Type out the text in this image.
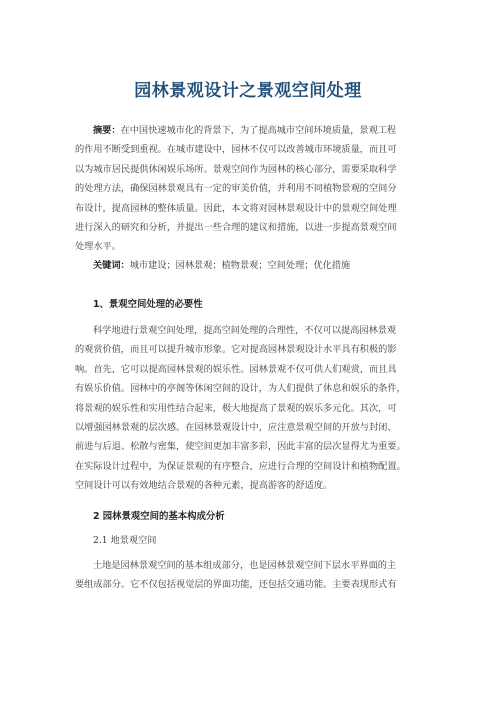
园林景观设计之景观空间处理
摘要：在中国快速城市化的背景下，为了提高城市空间环境质量，景观工程
的作用不断受到重视。在城市建设中，园林不仅可以改善城市环境质量，而且可
以为城市居民提供休闲娱乐场所。景观空间作为园林的核心部分，需要采取科学
的处理方法，确保园林景观具有一定的审美价值，并利用不同植物景观的空间分
布设计，提高园林的整体质量。因此，本文将对园林景观设计中的景观空间处理
进行深入的研究和分析，并提出一些合理的建议和措施，以进一步提高景观空间
处理水平。
关键词：城市建设；园林景观；植物景观；空间处理；优化措施
1、景观空间处理的必要性
科学地进行景观空间处理，提高空间处理的合理性，不仅可以提高园林景观
的观赏价值，而且可以提升城市形象。它对提高园林景观设计水平具有积极的影
响。首先，它可以提高园林景观的娱乐性。园林景观不仅可供人们观赏，而且具
有娱乐价值。园林中的亭阁等休闲空间的设计，为人们提供了休息和娱乐的条件，
将景观的娱乐性和实用性结合起来，极大地提高了景观的娱乐多元化。其次，可
以增强园林景观的层次感。在园林景观设计中，应注意景观空间的开放与封闭、
前进与后退、松散与密集，使空间更加丰富多彩，因此丰富的层次显得尤为重要。
在实际设计过程中，为保证景观的有序整合，应进行合理的空间设计和植物配置。
空间设计可以有效地结合景观的各种元素，提高游客的舒适度。
2 园林景观空间的基本构成分析
2.1 地景观空间
土地是园林景观空间的基本组成部分，也是园林景观空间下层水平界面的主
要组成部分。它不仅包括视觉层的界面功能，还包括交通功能。主要表现形式有
